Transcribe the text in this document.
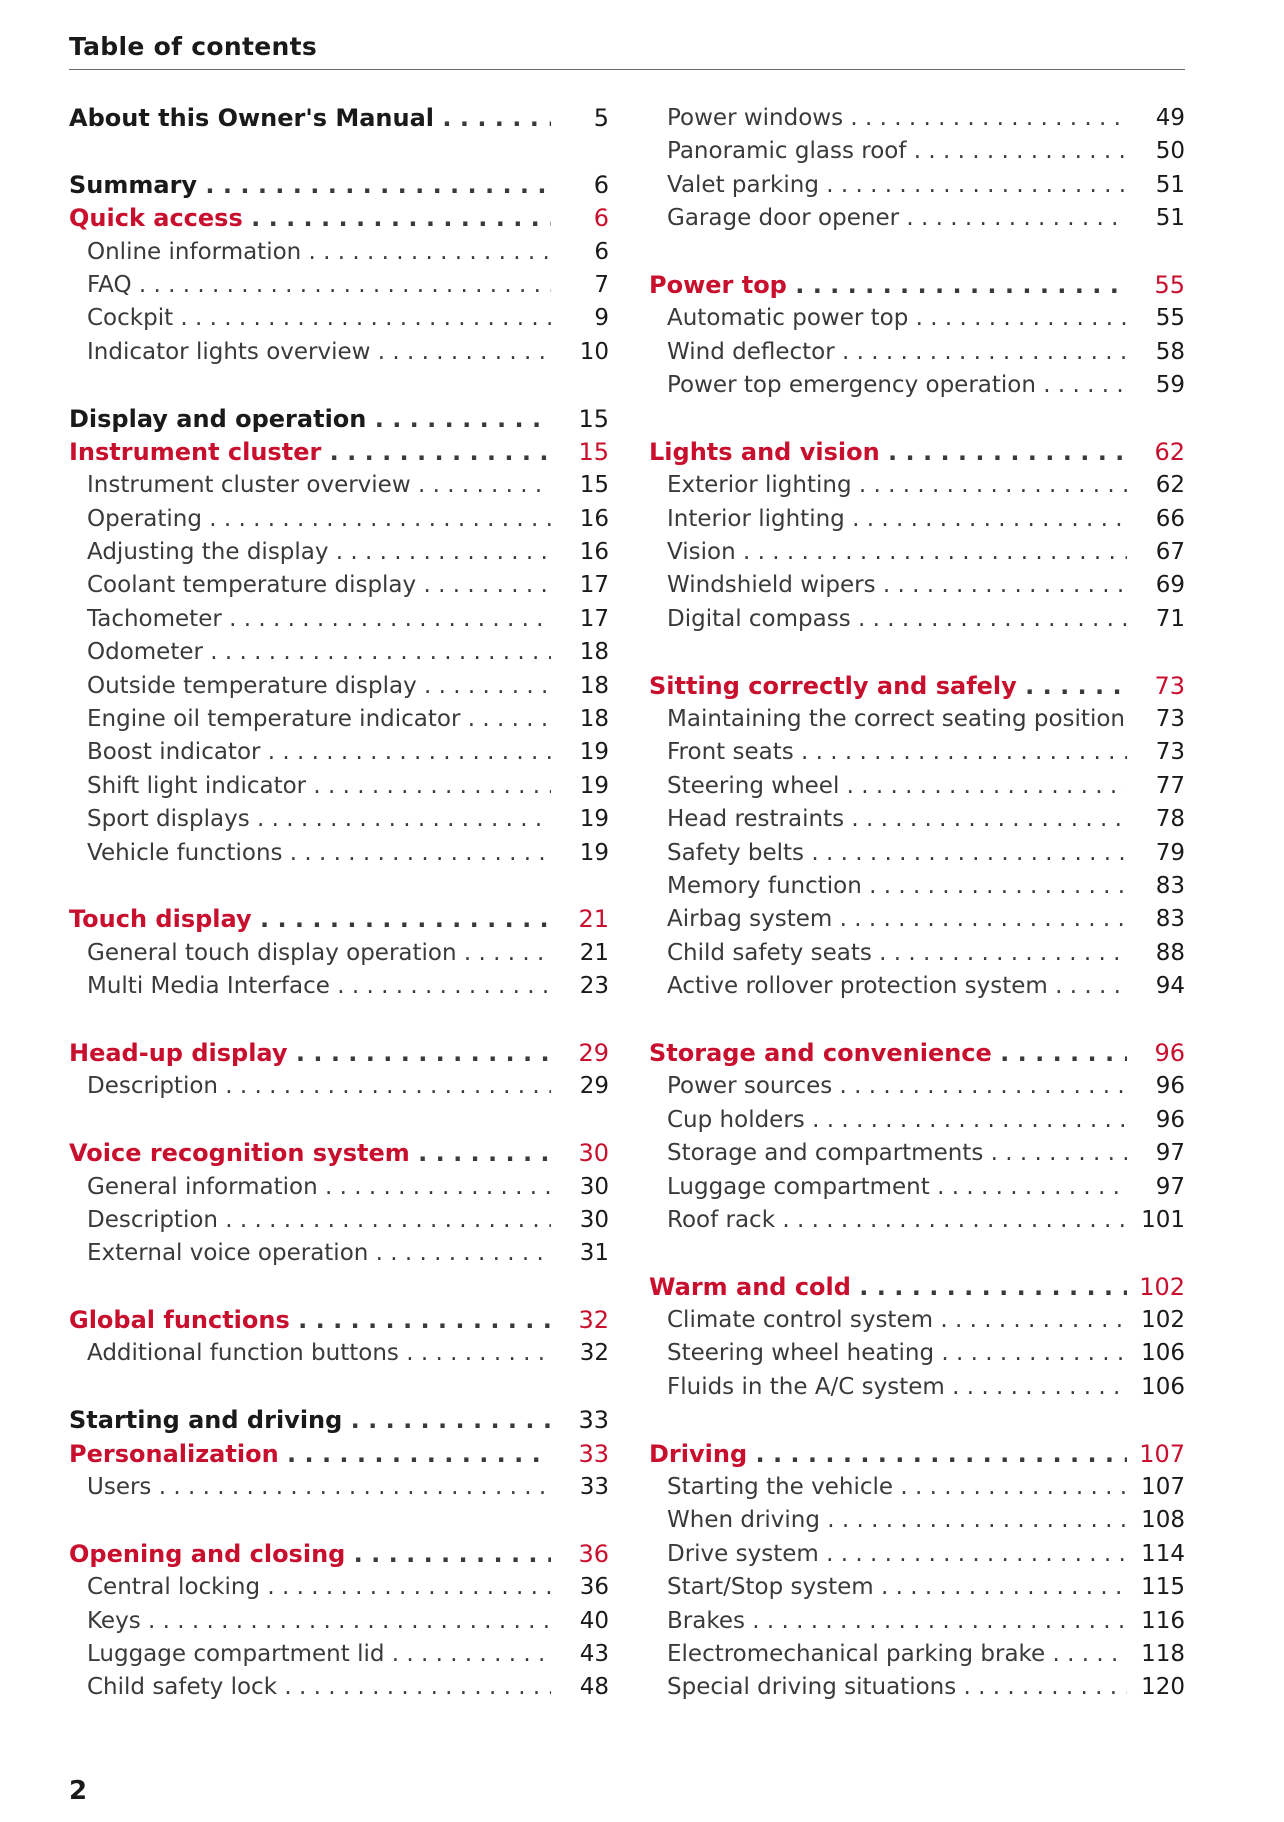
Table of contents
About this Owner's Manual . . .	5
Summary . . .	6
Quick access . . .	6
Online information . . .	6
FAQ . . .	7
Cockpit . . .	9
Indicator lights overview . . .	10
Display and operation . . .	15
Instrument cluster . . .	15
Instrument cluster overview . . .	15
Operating . . .	16
Adjusting the display . . .	16
Coolant temperature display . . .	17
Tachometer . . .	17
Odometer . . .	18
Outside temperature display . . .	18
Engine oil temperature indicator . . .	18
Boost indicator . . .	19
Shift light indicator . . .	19
Sport displays . . .	19
Vehicle functions . . .	19
Touch display . . .	21
General touch display operation . . .	21
Multi Media Interface . . .	23
Head-up display . . .	29
Description . . .	29
Voice recognition system . . .	30
General information . . .	30
Description . . .	30
External voice operation . . .	31
Global functions . . .	32
Additional function buttons . . .	32
Starting and driving . . .	33
Personalization . . .	33
Users . . .	33
Opening and closing . . .	36
Central locking . . .	36
Keys . . .	40
Luggage compartment lid . . .	43
Child safety lock . . .	48
Power windows . . .	49
Panoramic glass roof . . .	50
Valet parking . . .	51
Garage door opener . . .	51
Power top . . .	55
Automatic power top . . .	55
Wind deflector . . .	58
Power top emergency operation . . .	59
Lights and vision . . .	62
Exterior lighting . . .	62
Interior lighting . . .	66
Vision . . .	67
Windshield wipers . . .	69
Digital compass . . .	71
Sitting correctly and safely . . .	73
Maintaining the correct seating position . . . 73
Front seats . . .	73
Steering wheel . . .	77
Head restraints . . .	78
Safety belts . . .	79
Memory function . . .	83
Airbag system . . .	83
Child safety seats . . .	88
Active rollover protection system . . .	94
Storage and convenience . . .	96
Power sources . . .	96
Cup holders . . .	96
Storage and compartments . . .	97
Luggage compartment . . .	97
Roof rack . . .	101
Warm and cold . . .	102
Climate control system . . .	102
Steering wheel heating . . .	106
Fluids in the A/C system . . .	106
Driving . . .	107
Starting the vehicle . . .	107
When driving . . .	108
Drive system . . .	114
Start/Stop system . . .	115
Brakes . . .	116
Electromechanical parking brake . . .	118
Special driving situations . . .	120
2
